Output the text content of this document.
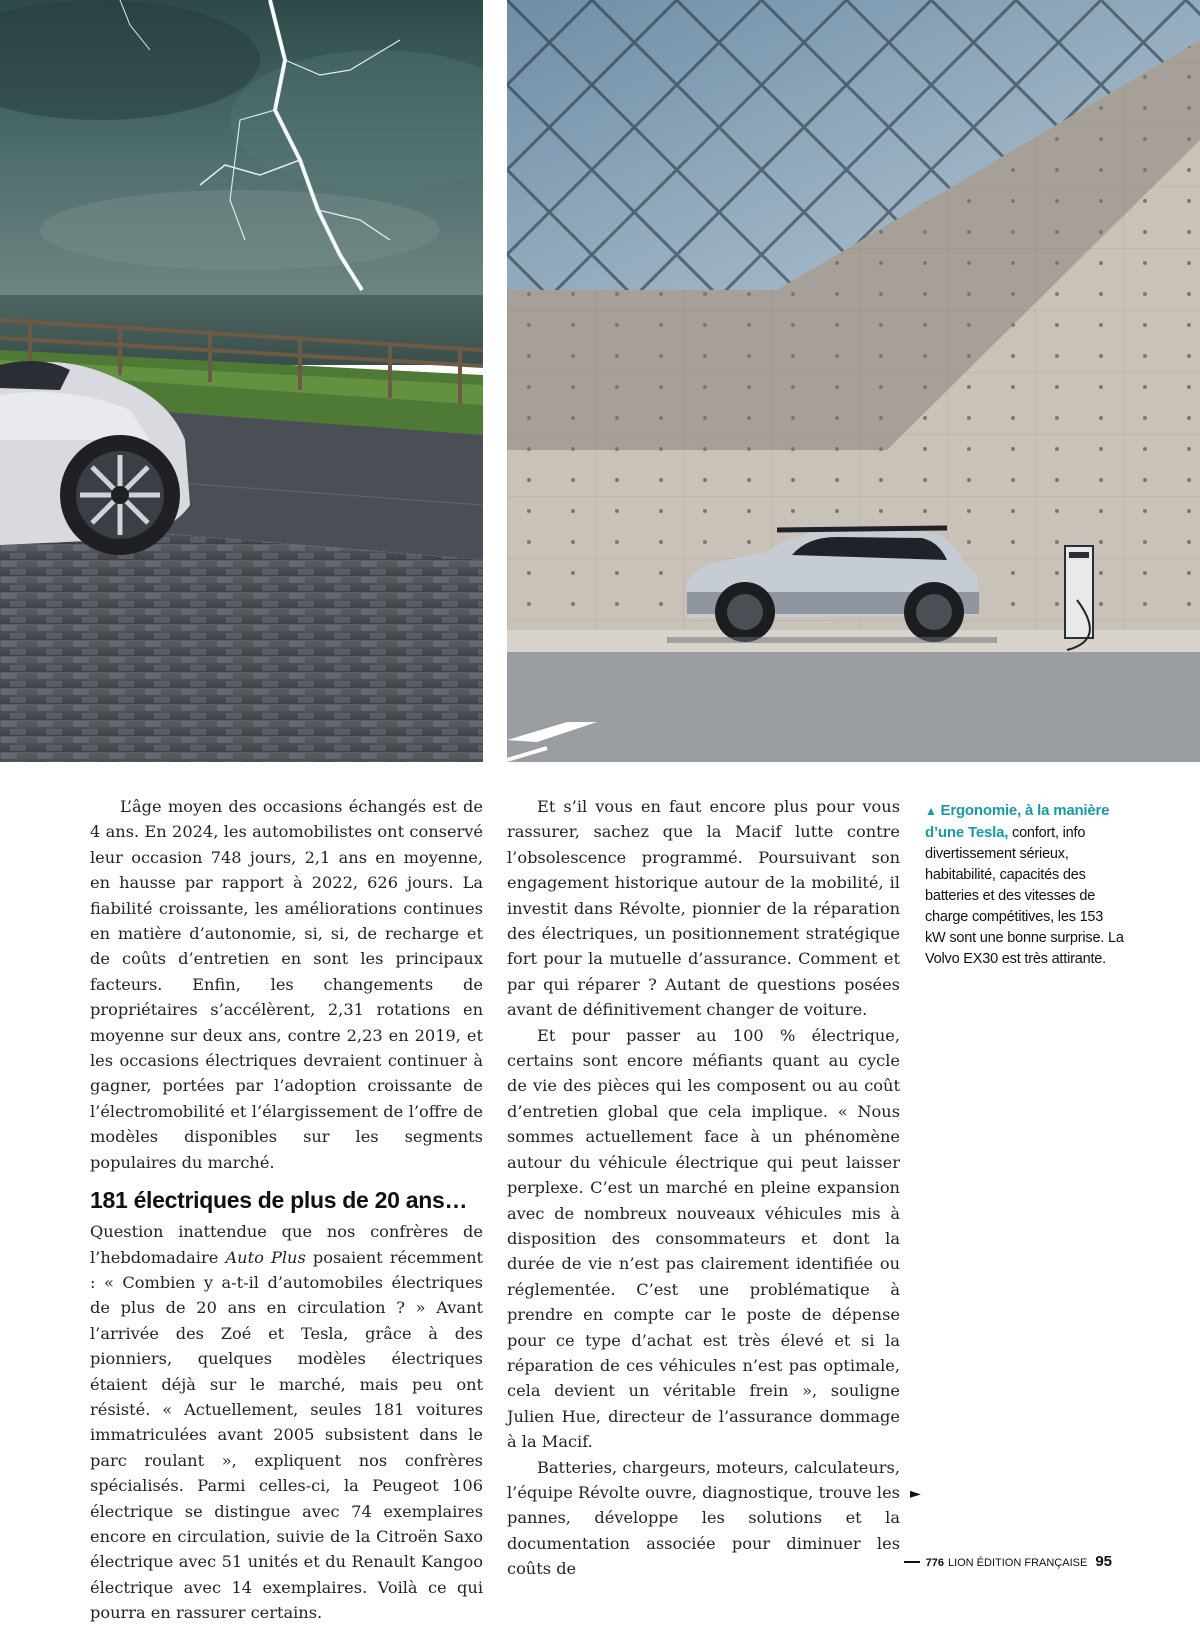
L’âge moyen des occasions échangés est de 4 ans. En 2024, les automobilistes ont conservé leur occasion 748 jours, 2,1 ans en moyenne, en hausse par rapport à 2022, 626 jours. La fiabilité croissante, les améliorations continues en matière d’autonomie, si, si, de recharge et de coûts d’entretien en sont les principaux facteurs. Enfin, les changements de propriétaires s’accélèrent, 2,31 rotations en moyenne sur deux ans, contre 2,23 en 2019, et les occasions électriques devraient continuer à gagner, portées par l’adoption croissante de l’électromobilité et l’élargissement de l’offre de modèles disponibles sur les segments populaires du marché.

181 électriques de plus de 20 ans…

Question inattendue que nos confrères de l’hebdomadaire Auto Plus posaient récemment : « Combien y a-t-il d’automobiles électriques de plus de 20 ans en circulation ? » Avant l’arrivée des Zoé et Tesla, grâce à des pionniers, quelques modèles électriques étaient déjà sur le marché, mais peu ont résisté. « Actuellement, seules 181 voitures immatriculées avant 2005 subsistent dans le parc roulant », expliquent nos confrères spécialisés. Parmi celles-ci, la Peugeot 106 électrique se distingue avec 74 exemplaires encore en circulation, suivie de la Citroën Saxo électrique avec 51 unités et du Renault Kangoo électrique avec 14 exemplaires. Voilà ce qui pourra en rassurer certains.

Et s’il vous en faut encore plus pour vous rassurer, sachez que la Macif lutte contre l’obsolescence programmé. Poursuivant son engagement historique autour de la mobilité, il investit dans Révolte, pionnier de la réparation des électriques, un positionnement stratégique fort pour la mutuelle d’assurance. Comment et par qui réparer ? Autant de questions posées avant de définitivement changer de voiture.

Et pour passer au 100 % électrique, certains sont encore méfiants quant au cycle de vie des pièces qui les composent ou au coût d’entretien global que cela implique. « Nous sommes actuellement face à un phénomène autour du véhicule électrique qui peut laisser perplexe. C’est un marché en pleine expansion avec de nombreux nouveaux véhicules mis à disposition des consommateurs et dont la durée de vie n’est pas clairement identifiée ou réglementée. C’est une problématique à prendre en compte car le poste de dépense pour ce type d’achat est très élevé et si la réparation de ces véhicules n’est pas optimale, cela devient un véritable frein », souligne Julien Hue, directeur de l’assurance dommage à la Macif.

Batteries, chargeurs, moteurs, calculateurs, l’équipe Révolte ouvre, diagnostique, trouve les pannes, développe les solutions et la documentation associée pour diminuer les coûts de

►
▲ Ergonomie, à la manière d’une Tesla, confort, info divertissement sérieux, habitabilité, capacités des batteries et des vitesses de charge compétitives, les 153 kW sont une bonne surprise. La Volvo EX30 est très attirante.
776 LION ÉDITION FRANÇAISE 95
